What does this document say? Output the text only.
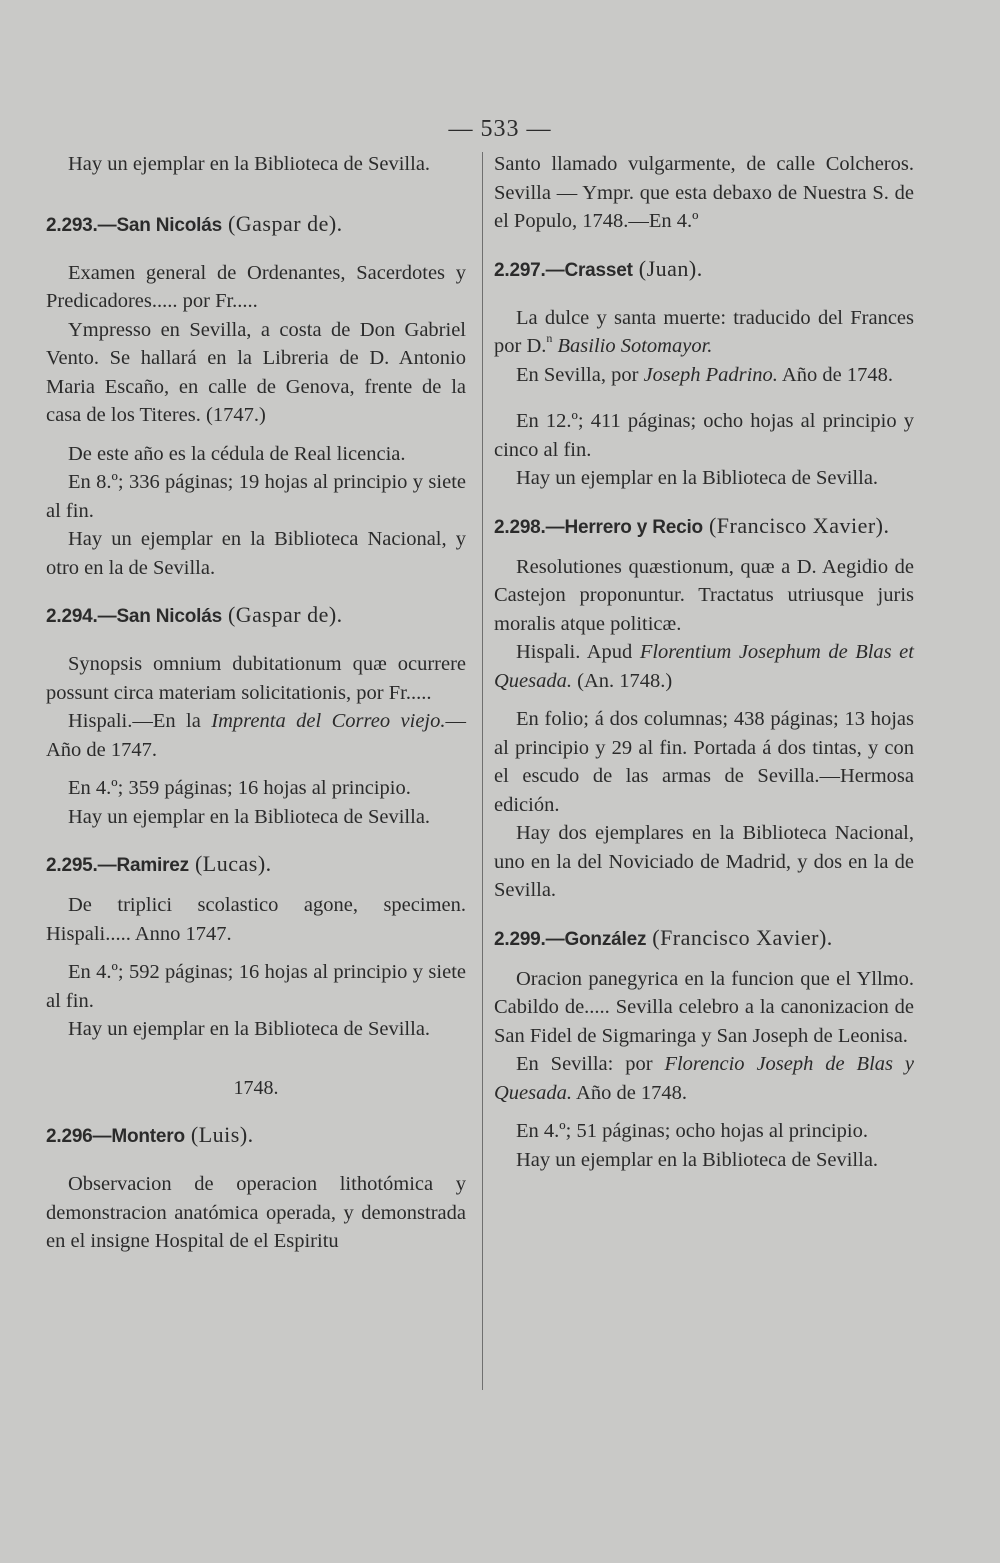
— 533 —

Hay un ejemplar en la Biblioteca de Sevilla.

2.293.—San Nicolás (Gaspar de).

Examen general de Ordenantes, Sacerdotes y Predicadores..... por Fr.....

Ympresso en Sevilla, a costa de Don Gabriel Vento. Se hallará en la Libreria de D. Antonio Maria Escaño, en calle de Genova, frente de la casa de los Titeres. (1747.)

De este año es la cédula de Real licencia.

En 8.º; 336 páginas; 19 hojas al principio y siete al fin.

Hay un ejemplar en la Biblioteca Nacional, y otro en la de Sevilla.

2.294.—San Nicolás (Gaspar de).

Synopsis omnium dubitationum quæ ocurrere possunt circa materiam solicitationis, por Fr.....

Hispali.—En la Imprenta del Correo viejo.— Año de 1747.

En 4.º; 359 páginas; 16 hojas al principio.

Hay un ejemplar en la Biblioteca de Sevilla.

2.295.—Ramirez (Lucas).

De triplici scolastico agone, specimen. Hispali..... Anno 1747.

En 4.º; 592 páginas; 16 hojas al principio y siete al fin.

Hay un ejemplar en la Biblioteca de Sevilla.

1748.

2.296—Montero (Luis).

Observacion de operacion lithotómica y demonstracion anatómica operada, y demonstrada en el insigne Hospital de el Espiritu

Santo llamado vulgarmente, de calle Colcheros. Sevilla — Ympr. que esta debaxo de Nuestra S. de el Populo, 1748.—En 4.º

2.297.—Crasset (Juan).

La dulce y santa muerte: traducido del Frances por D.$^n$ Basilio Sotomayor.

En Sevilla, por Joseph Padrino. Año de 1748.

En 12.º; 411 páginas; ocho hojas al principio y cinco al fin.

Hay un ejemplar en la Biblioteca de Sevilla.

2.298.—Herrero y Recio (Francisco Xavier).

Resolutiones quæstionum, quæ a D. Aegidio de Castejon proponuntur. Tractatus utriusque juris moralis atque politicæ.

Hispali. Apud Florentium Josephum de Blas et Quesada. (An. 1748.)

En folio; á dos columnas; 438 páginas; 13 hojas al principio y 29 al fin. Portada á dos tintas, y con el escudo de las armas de Sevilla.—Hermosa edición.

Hay dos ejemplares en la Biblioteca Nacional, uno en la del Noviciado de Madrid, y dos en la de Sevilla.

2.299.—González (Francisco Xavier).

Oracion panegyrica en la funcion que el Yllmo. Cabildo de..... Sevilla celebro a la canonizacion de San Fidel de Sigmaringa y San Joseph de Leonisa.

En Sevilla: por Florencio Joseph de Blas y Quesada. Año de 1748.

En 4.º; 51 páginas; ocho hojas al principio.

Hay un ejemplar en la Biblioteca de Sevilla.
